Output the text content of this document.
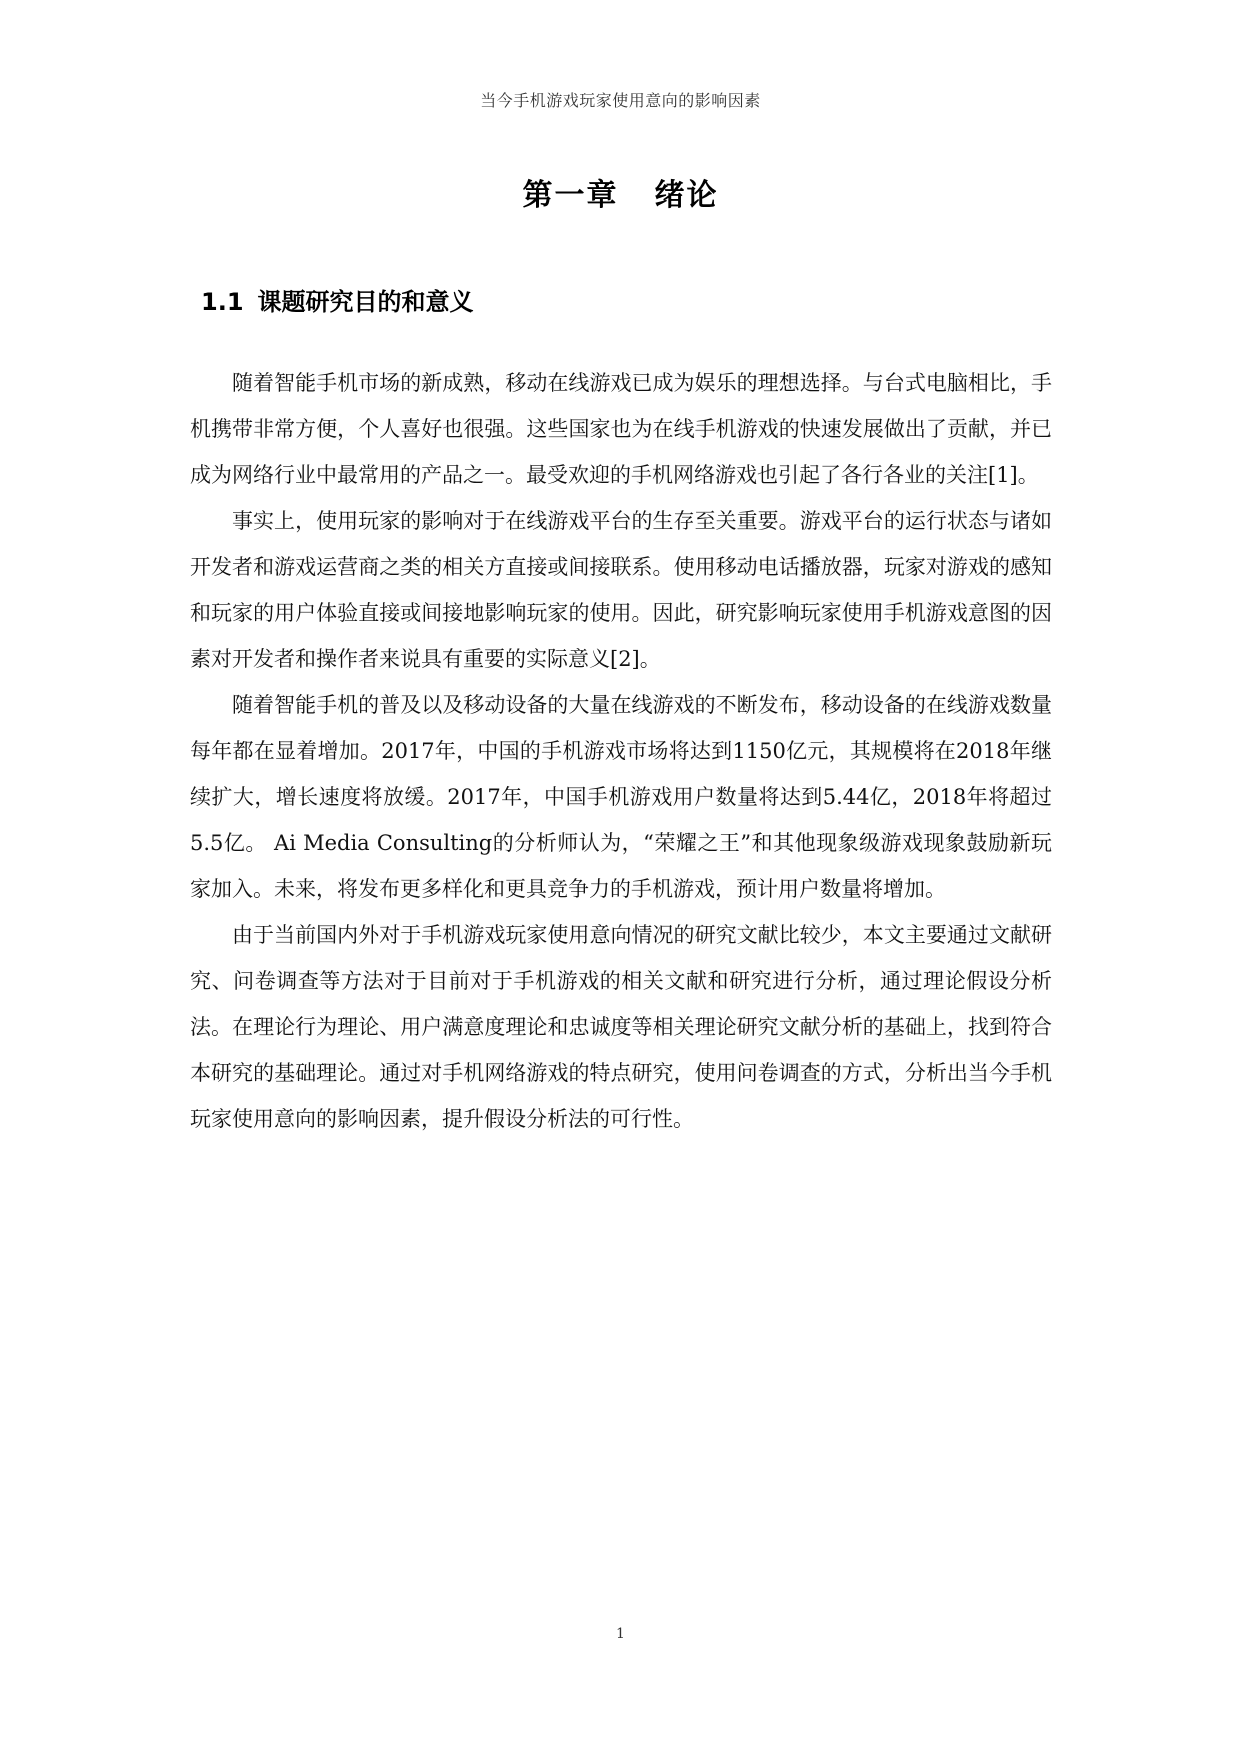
当今手机游戏玩家使用意向的影响因素
第一章 绪论
1.1 课题研究目的和意义

随着智能手机市场的新成熟，移动在线游戏已成为娱乐的理想选择。与台式电脑相比，手机携带非常方便，个人喜好也很强。这些国家也为在线手机游戏的快速发展做出了贡献，并已成为网络行业中最常用的产品之一。最受欢迎的手机网络游戏也引起了各行各业的关注[1]。

事实上，使用玩家的影响对于在线游戏平台的生存至关重要。游戏平台的运行状态与诸如开发者和游戏运营商之类的相关方直接或间接联系。使用移动电话播放器，玩家对游戏的感知和玩家的用户体验直接或间接地影响玩家的使用。因此，研究影响玩家使用手机游戏意图的因素对开发者和操作者来说具有重要的实际意义[2]。

随着智能手机的普及以及移动设备的大量在线游戏的不断发布，移动设备的在线游戏数量每年都在显着增加。2017年，中国的手机游戏市场将达到1150亿元，其规模将在2018年继续扩大，增长速度将放缓。2017年，中国手机游戏用户数量将达到5.44亿，2018年将超过5.5亿。 Ai Media Consulting的分析师认为，“荣耀之王”和其他现象级游戏现象鼓励新玩家加入。未来，将发布更多样化和更具竞争力的手机游戏，预计用户数量将增加。

由于当前国内外对于手机游戏玩家使用意向情况的研究文献比较少，本文主要通过文献研究、问卷调查等方法对于目前对于手机游戏的相关文献和研究进行分析，通过理论假设分析法。在理论行为理论、用户满意度理论和忠诚度等相关理论研究文献分析的基础上，找到符合本研究的基础理论。通过对手机网络游戏的特点研究，使用问卷调查的方式，分析出当今手机玩家使用意向的影响因素，提升假设分析法的可行性。

1
